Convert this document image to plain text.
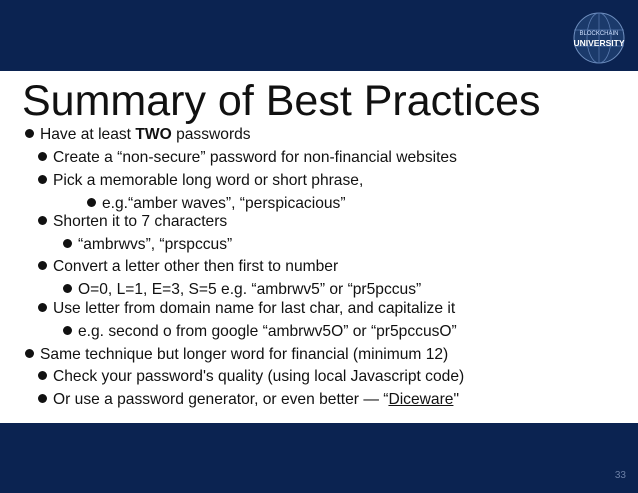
BLOCKCHAIN
UNIVERSITY
Summary of Best Practices
Have at least TWO passwords
Create a “non-secure” password for non-financial websites
Pick a memorable long word or short phrase,
e.g.“amber waves”, “perspicacious”
Shorten it to 7 characters
“ambrwvs”, “prspccus”
Convert a letter other then first to number
O=0, L=1, E=3, S=5 e.g. “ambrwv5” or “pr5pccus”
Use letter from domain name for last char, and capitalize it
e.g. second o from google “ambrwv5O” or “pr5pccusO”
Same technique but longer word for financial (minimum 12)
Check your password's quality (using local Javascript code)
Or use a password generator, or even better — “Diceware"
33
